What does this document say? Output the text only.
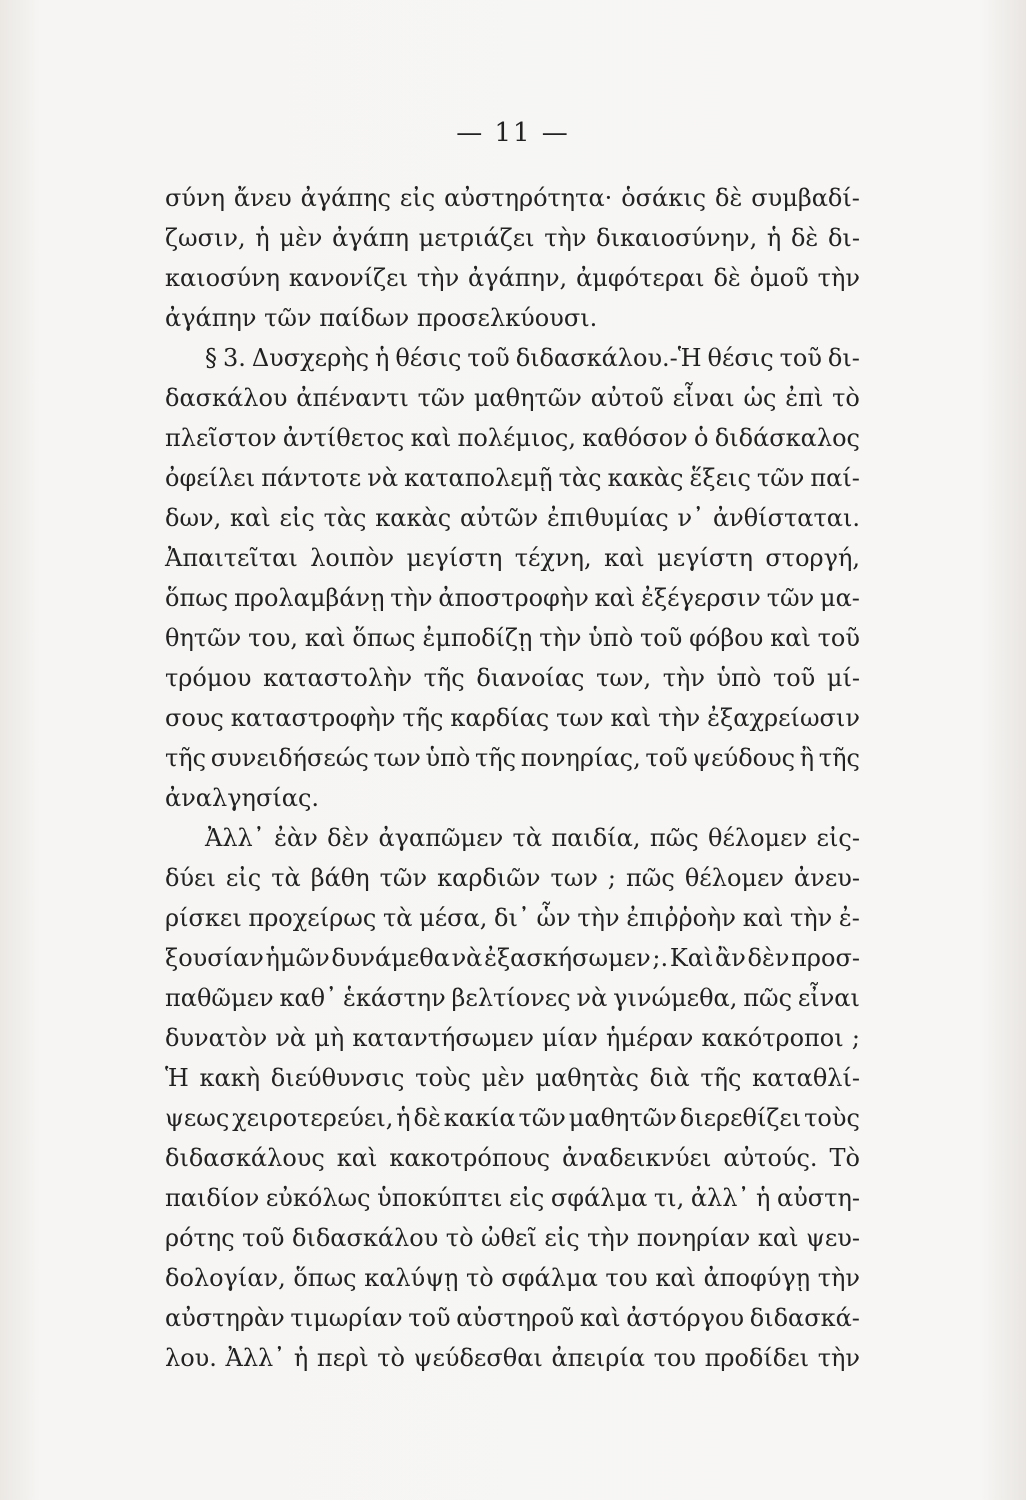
— 11 —
σύνη ἄνευ ἀγάπης εἰς αὐστηρότητα· ὁσάκις δὲ συμβαδί-
ζωσιν, ἡ μὲν ἀγάπη μετριάζει τὴν δικαιοσύνην, ἡ δὲ δι-
καιοσύνη κανονίζει τὴν ἀγάπην, ἀμφότεραι δὲ ὁμοῦ τὴν
ἀγάπην τῶν παίδων προσελκύουσι.
§ 3. Δυσχερὴς ἡ θέσις τοῦ διδασκάλου.-Ἡ θέσις τοῦ δι-
δασκάλου ἀπέναντι τῶν μαθητῶν αὐτοῦ εἶναι ὡς ἐπὶ τὸ
πλεῖστον ἀντίθετος καὶ πολέμιος, καθόσον ὁ διδάσκαλος
ὀφείλει πάντοτε νὰ καταπολεμῇ τὰς κακὰς ἕξεις τῶν παί-
δων, καὶ εἰς τὰς κακὰς αὐτῶν ἐπιθυμίας ν᾽ ἀνθίσταται.
Ἀπαιτεῖται λοιπὸν μεγίστη τέχνη, καὶ μεγίστη στοργή,
ὅπως προλαμβάνῃ τὴν ἀποστροφὴν καὶ ἐξέγερσιν τῶν μα-
θητῶν του, καὶ ὅπως ἐμποδίζῃ τὴν ὑπὸ τοῦ φόβου καὶ τοῦ
τρόμου καταστολὴν τῆς διανοίας των, τὴν ὑπὸ τοῦ μί-
σους καταστροφὴν τῆς καρδίας των καὶ τὴν ἐξαχρείωσιν
τῆς συνειδήσεώς των ὑπὸ τῆς πονηρίας, τοῦ ψεύδους ἢ τῆς
ἀναλγησίας.
Ἀλλ᾽ ἐὰν δὲν ἀγαπῶμεν τὰ παιδία, πῶς θέλομεν εἰς-
δύει εἰς τὰ βάθη τῶν καρδιῶν των ; πῶς θέλομεν ἀνευ-
ρίσκει προχείρως τὰ μέσα, δι᾽ ὧν τὴν ἐπιῤῥοὴν καὶ τὴν ἐ-
ξουσίαν ἡμῶν δυνάμεθα νὰ ἐξασκήσωμεν ;. Καὶ ἂν δὲν προσ-
παθῶμεν καθ᾽ ἑκάστην βελτίονες νὰ γινώμεθα, πῶς εἶναι
δυνατὸν νὰ μὴ καταντήσωμεν μίαν ἡμέραν κακότροποι ;
Ἡ κακὴ διεύθυνσις τοὺς μὲν μαθητὰς διὰ τῆς καταθλί-
ψεως χειροτερεύει, ἡ δὲ κακία τῶν μαθητῶν διερεθίζει τοὺς
διδασκάλους καὶ κακοτρόπους ἀναδεικνύει αὐτούς. Τὸ
παιδίον εὐκόλως ὑποκύπτει εἰς σφάλμα τι, ἀλλ᾽ ἡ αὐστη-
ρότης τοῦ διδασκάλου τὸ ὠθεῖ εἰς τὴν πονηρίαν καὶ ψευ-
δολογίαν, ὅπως καλύψῃ τὸ σφάλμα του καὶ ἀποφύγῃ τὴν
αὐστηρὰν τιμωρίαν τοῦ αὐστηροῦ καὶ ἀστόργου διδασκά-
λου. Ἀλλ᾽ ἡ περὶ τὸ ψεύδεσθαι ἀπειρία του προδίδει τὴν
